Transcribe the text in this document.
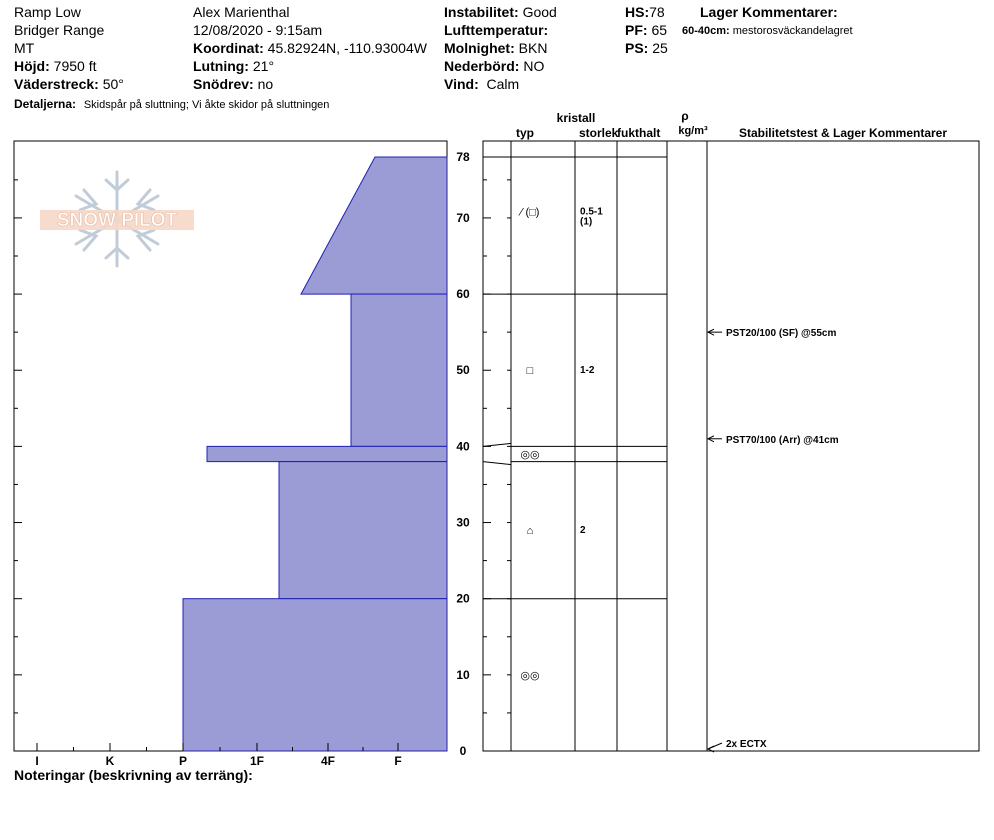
Ramp Low
Bridger Range
MT
Höjd: 7950 ft
Väderstreck: 50°
Detaljerna: Skidspår på sluttning; Vi åkte skidor på sluttningen
Alex Marienthal
12/08/2020 - 9:15am
Koordinat: 45.82924N, -110.93004W
Lutning: 21°
Snödrev: no
Instabilitet: Good
Lufttemperatur:
Molnighet: BKN
Nederbörd: NO
Vind: Calm
HS:78
PF: 65
PS: 25
Lager Kommentarer:
60-40cm: mestorosväckandelagret
SNOW PILOT
I	K	P	1F	4F	F
0
10
20
30
40
50
60
70
78
kristall
typ	storlek
fukthalt
ρ
kg/m³	Stabilitetstest & Lager Kommentarer
⁄ (□)	0.5-1
(1)
□	1-2
◎◎
⌂	2
◎◎
PST20/100 (SF) @55cm
PST70/100 (Arr) @41cm
2x ECTX
Noteringar (beskrivning av terräng):
